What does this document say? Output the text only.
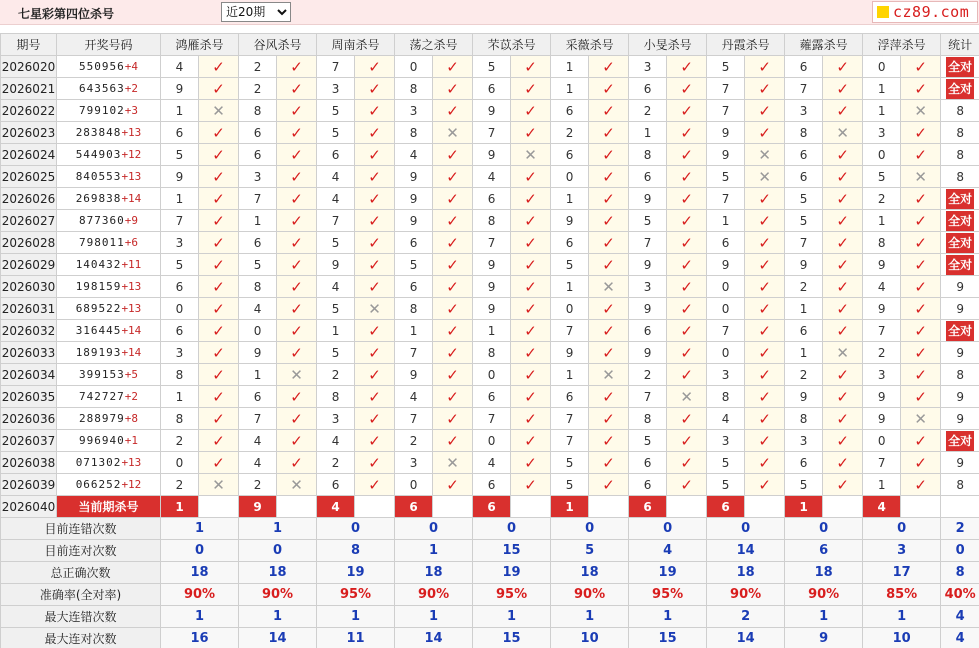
七星彩第四位杀号
近20期	cz89.com
期号	开奖号码	鸿雁杀号		谷风杀号		周南杀号		荡之杀号		芣苡杀号		采薇杀号		小旻杀号		丹霞杀号		蕹露杀号		浮萍杀号		统计
2026020	550956+4	4	✓	2	✓	7	✓	0	✓	5	✓	1	✓	3	✓	5	✓	6	✓	0	✓	全对
2026021	643563+2	9	✓	2	✓	3	✓	8	✓	6	✓	1	✓	6	✓	7	✓	7	✓	1	✓	全对
2026022	799102+3	1	✕	8	✓	5	✓	3	✓	9	✓	6	✓	2	✓	7	✓	3	✓	1	✕	8
2026023	283848+13	6	✓	6	✓	5	✓	8	✕	7	✓	2	✓	1	✓	9	✓	8	✕	3	✓	8
2026024	544903+12	5	✓	6	✓	6	✓	4	✓	9	✕	6	✓	8	✓	9	✕	6	✓	0	✓	8
2026025	840553+13	9	✓	3	✓	4	✓	9	✓	4	✓	0	✓	6	✓	5	✕	6	✓	5	✕	8
2026026	269838+14	1	✓	7	✓	4	✓	9	✓	6	✓	1	✓	9	✓	7	✓	5	✓	2	✓	全对
2026027	877360+9	7	✓	1	✓	7	✓	9	✓	8	✓	9	✓	5	✓	1	✓	5	✓	1	✓	全对
2026028	798011+6	3	✓	6	✓	5	✓	6	✓	7	✓	6	✓	7	✓	6	✓	7	✓	8	✓	全对
2026029	140432+11	5	✓	5	✓	9	✓	5	✓	9	✓	5	✓	9	✓	9	✓	9	✓	9	✓	全对
2026030	198159+13	6	✓	8	✓	4	✓	6	✓	9	✓	1	✕	3	✓	0	✓	2	✓	4	✓	9
2026031	689522+13	0	✓	4	✓	5	✕	8	✓	9	✓	0	✓	9	✓	0	✓	1	✓	9	✓	9
2026032	316445+14	6	✓	0	✓	1	✓	1	✓	1	✓	7	✓	6	✓	7	✓	6	✓	7	✓	全对
2026033	189193+14	3	✓	9	✓	5	✓	7	✓	8	✓	9	✓	9	✓	0	✓	1	✕	2	✓	9
2026034	399153+5	8	✓	1	✕	2	✓	9	✓	0	✓	1	✕	2	✓	3	✓	2	✓	3	✓	8
2026035	742727+2	1	✓	6	✓	8	✓	4	✓	6	✓	6	✓	7	✕	8	✓	9	✓	9	✓	9
2026036	288979+8	8	✓	7	✓	3	✓	7	✓	7	✓	7	✓	8	✓	4	✓	8	✓	9	✕	9
2026037	996940+1	2	✓	4	✓	4	✓	2	✓	0	✓	7	✓	5	✓	3	✓	3	✓	0	✓	全对
2026038	071302+13	0	✓	4	✓	2	✓	3	✕	4	✓	5	✓	6	✓	5	✓	6	✓	7	✓	9
2026039	066252+12	2	✕	2	✕	6	✓	0	✓	6	✓	5	✓	6	✓	5	✓	5	✓	1	✓	8
2026040	当前期杀号	1		9		4		6		6		1		6		6		1		4		
目前连错次数		1		1		0		0		0		0		0		0		0		0		2
目前连对次数		0		0		8		1		15		5		4		14		6		3		0
总正确次数		18		18		19		18		19		18		19		18		18		17		8
准确率(全对率)		90%		90%		95%		90%		95%		90%		95%		90%		90%		85%		40%
最大连错次数		1		1		1		1		1		1		1		2		1		1		4
最大连对次数		16		14		11		14		15		10		15		14		9		10		4
